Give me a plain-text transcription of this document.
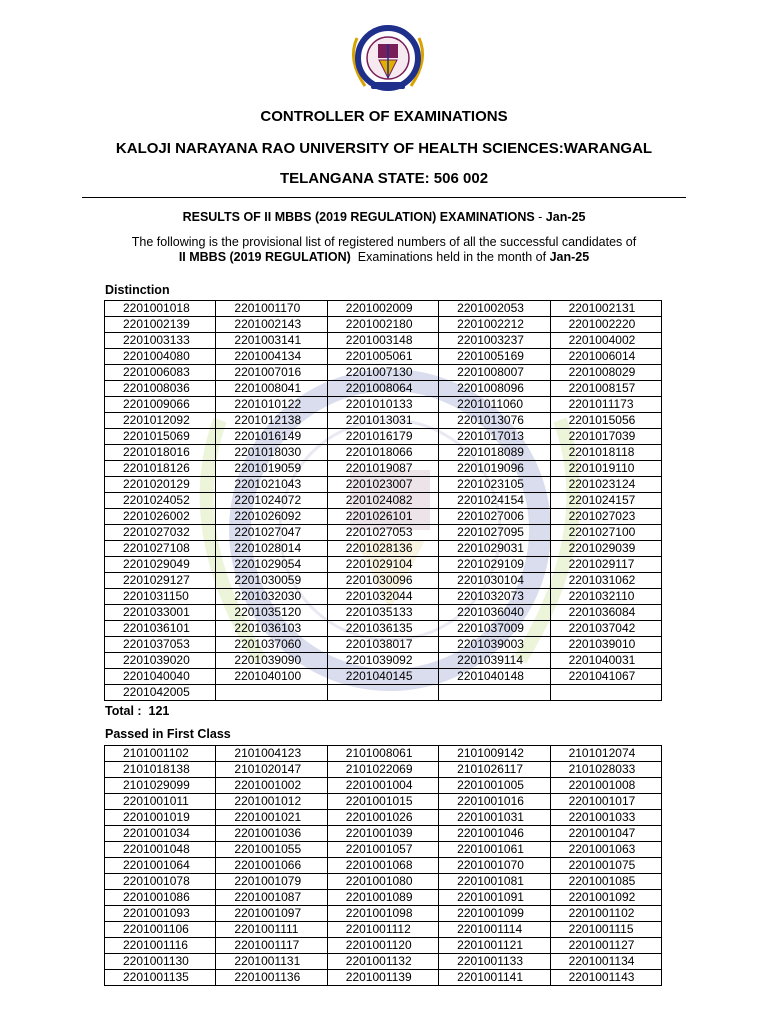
CONTROLLER OF EXAMINATIONS
KALOJI NARAYANA RAO UNIVERSITY OF HEALTH SCIENCES:WARANGAL
TELANGANA STATE: 506 002
RESULTS OF II MBBS (2019 REGULATION) EXAMINATIONS - Jan-25
The following is the provisional list of registered numbers of all the successful candidates of
II MBBS (2019 REGULATION)  Examinations held in the month of Jan-25
Distinction
2201001018	2201001170	2201002009	2201002053	2201002131
2201002139	2201002143	2201002180	2201002212	2201002220
2201003133	2201003141	2201003148	2201003237	2201004002
2201004080	2201004134	2201005061	2201005169	2201006014
2201006083	2201007016	2201007130	2201008007	2201008029
2201008036	2201008041	2201008064	2201008096	2201008157
2201009066	2201010122	2201010133	2201011060	2201011173
2201012092	2201012138	2201013031	2201013076	2201015056
2201015069	2201016149	2201016179	2201017013	2201017039
2201018016	2201018030	2201018066	2201018089	2201018118
2201018126	2201019059	2201019087	2201019096	2201019110
2201020129	2201021043	2201023007	2201023105	2201023124
2201024052	2201024072	2201024082	2201024154	2201024157
2201026002	2201026092	2201026101	2201027006	2201027023
2201027032	2201027047	2201027053	2201027095	2201027100
2201027108	2201028014	2201028136	2201029031	2201029039
2201029049	2201029054	2201029104	2201029109	2201029117
2201029127	2201030059	2201030096	2201030104	2201031062
2201031150	2201032030	2201032044	2201032073	2201032110
2201033001	2201035120	2201035133	2201036040	2201036084
2201036101	2201036103	2201036135	2201037009	2201037042
2201037053	2201037060	2201038017	2201039003	2201039010
2201039020	2201039090	2201039092	2201039114	2201040031
2201040040	2201040100	2201040145	2201040148	2201041067
2201042005				
Total : 121
Passed in First Class
2101001102	2101004123	2101008061	2101009142	2101012074
2101018138	2101020147	2101022069	2101026117	2101028033
2101029099	2201001002	2201001004	2201001005	2201001008
2201001011	2201001012	2201001015	2201001016	2201001017
2201001019	2201001021	2201001026	2201001031	2201001033
2201001034	2201001036	2201001039	2201001046	2201001047
2201001048	2201001055	2201001057	2201001061	2201001063
2201001064	2201001066	2201001068	2201001070	2201001075
2201001078	2201001079	2201001080	2201001081	2201001085
2201001086	2201001087	2201001089	2201001091	2201001092
2201001093	2201001097	2201001098	2201001099	2201001102
2201001106	2201001111	2201001112	2201001114	2201001115
2201001116	2201001117	2201001120	2201001121	2201001127
2201001130	2201001131	2201001132	2201001133	2201001134
2201001135	2201001136	2201001139	2201001141	2201001143
